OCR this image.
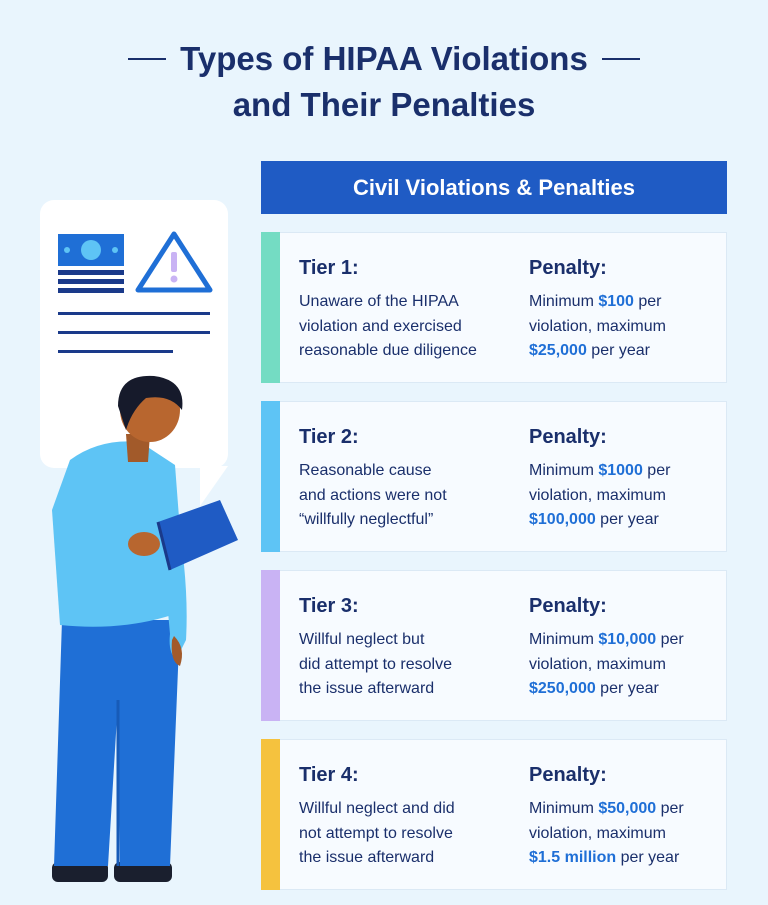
Types of HIPAA Violations
and Their Penalties
Civil Violations & Penalties
Tier 1:

Unaware of the HIPAA

violation and exercised

reasonable due diligence

Penalty:

Minimum $100 per

violation, maximum

$25,000 per year

Tier 2:

Reasonable cause

and actions were not

“willfully neglectful”

Penalty:

Minimum $1000 per

violation, maximum

$100,000 per year

Tier 3:

Willful neglect but

did attempt to resolve

the issue afterward

Penalty:

Minimum $10,000 per

violation, maximum

$250,000 per year

Tier 4:

Willful neglect and did

not attempt to resolve

the issue afterward

Penalty:

Minimum $50,000 per

violation, maximum

$1.5 million per year
